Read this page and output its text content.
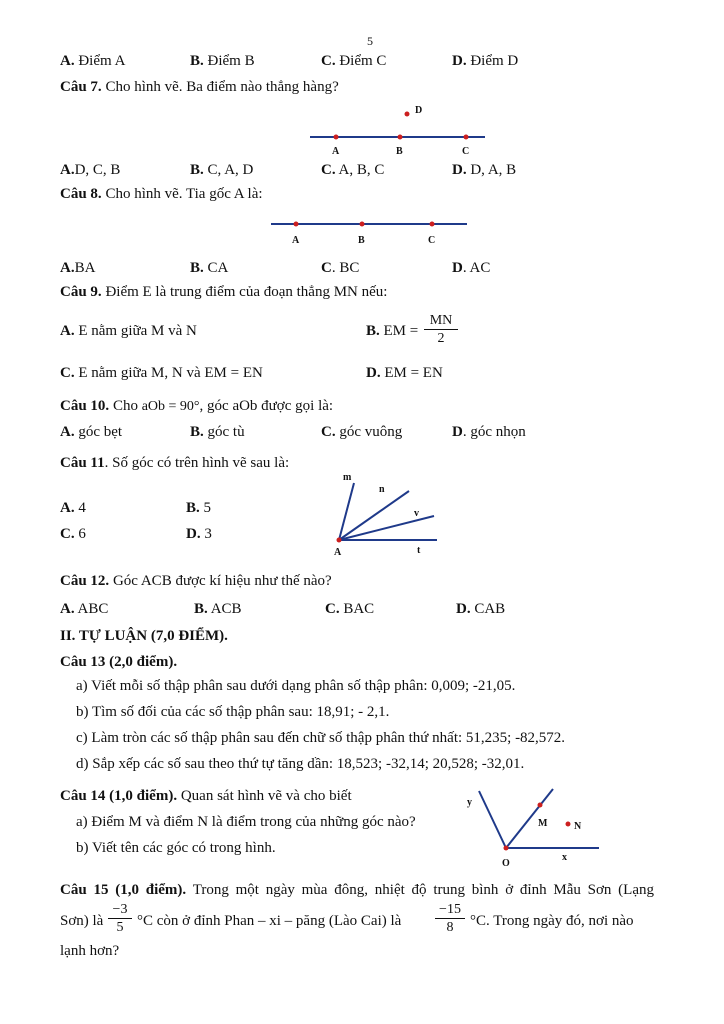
5
A. Điểm A	B. Điểm B	C. Điểm C	D. Điểm D
Câu 7. Cho hình vẽ. Ba điểm nào thẳng hàng?
A	B	C
D
A.D, C, B	B. C, A, D	C. A, B, C	D. D, A, B
Câu 8. Cho hình vẽ. Tia gốc A là:
A	B	C
A.BA	B. CA	C. BC	D. AC
Câu 9. Điểm E là trung điểm của đoạn thẳng MN nếu:
A. E nằm giữa M và N	B. EM = $\frac{MN}{2}$
C. E nằm giữa M, N và EM = EN	D. EM = EN
Câu 10. Cho aOb = 90°, góc aOb được gọi là:
A. góc bẹt	B. góc tù	C. góc vuông	D. góc nhọn
Câu 11. Số góc có trên hình vẽ sau là:
m
n
v
t
A
A. 4	B. 5
C. 6	D. 3
Câu 12. Góc ACB được kí hiệu như thế nào?
A. ABC	B. ACB	C. BAC	D. CAB
II. TỰ LUẬN (7,0 ĐIỂM).
Câu 13 (2,0 điểm).
a) Viết mỗi số thập phân sau dưới dạng phân số thập phân: 0,009; -21,05.
b) Tìm số đối của các số thập phân sau: 18,91; - 2,1.
c) Làm tròn các số thập phân sau đến chữ số thập phân thứ nhất: 51,235; -82,572.
d) Sắp xếp các số sau theo thứ tự tăng dần: 18,523; -32,14; 20,528; -32,01.
Câu 14 (1,0 điểm). Quan sát hình vẽ và cho biết
a) Điểm M và điểm N là điểm trong của những góc nào?
b) Viết tên các góc có trong hình.
y
M	N
O
x
Câu 15 (1,0 điểm). Trong một ngày mùa đông, nhiệt độ trung bình ở đỉnh Mẫu Sơn (Lạng
Sơn) là $\frac{-3}{5} ^\circ C$ còn ở đỉnh Phan – xi – păng (Lào Cai) là $\frac{-15}{8} ^\circ C$. Trong ngày đó, nơi nào
lạnh hơn?
